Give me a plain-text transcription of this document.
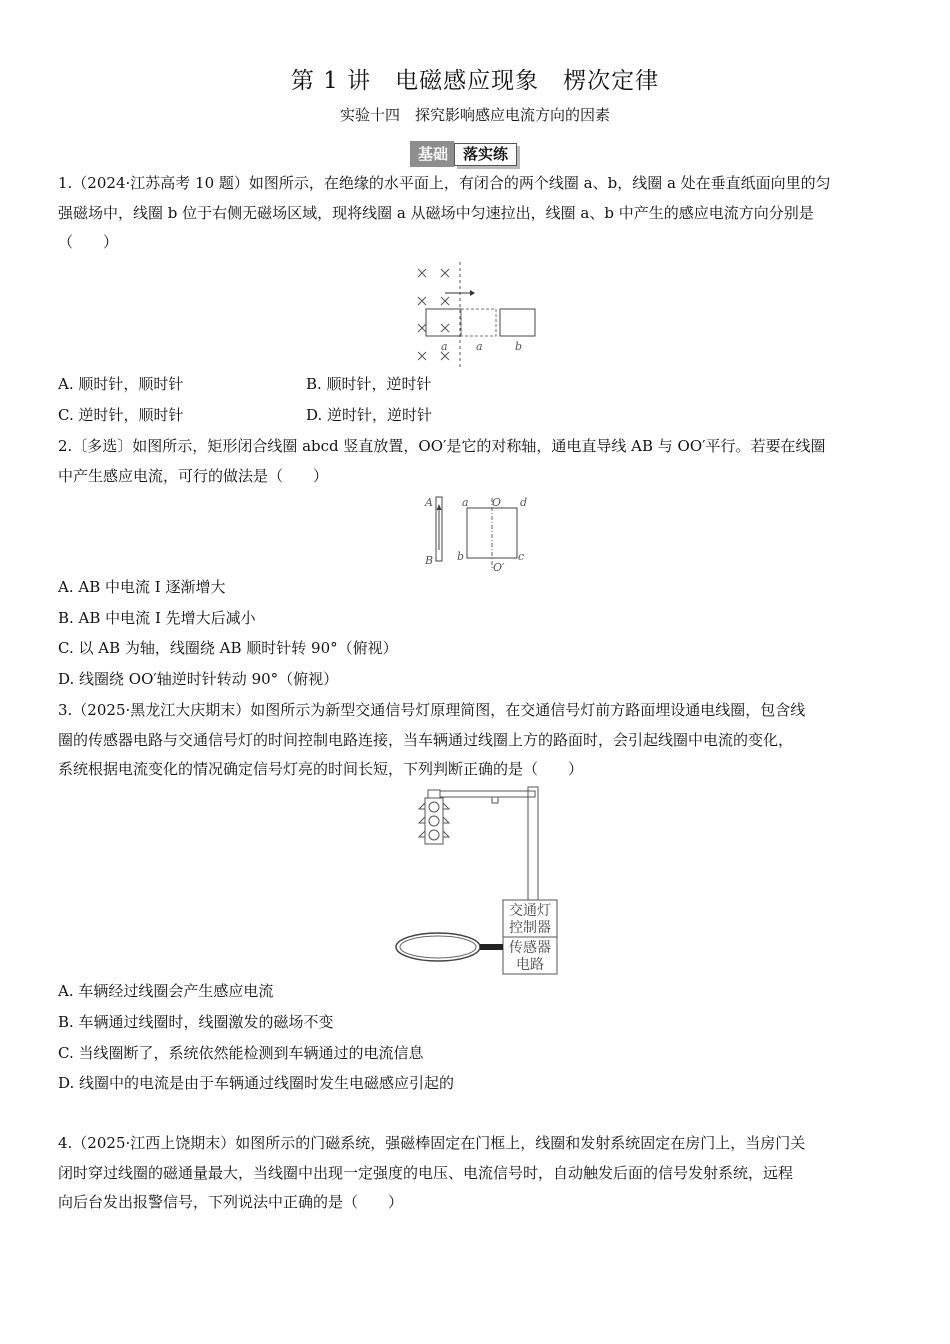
第 1 讲　电磁感应现象　楞次定律
实验十四　探究影响感应电流方向的因素
基础	落实练
1.（2024·江苏高考 10 题）如图所示，在绝缘的水平面上，有闭合的两个线圈 a、b，线圈 a 处在垂直纸面向里的匀
强磁场中，线圈 b 位于右侧无磁场区域，现将线圈 a 从磁场中匀速拉出，线圈 a、b 中产生的感应电流方向分别是
（　　）
a	a	b
A. 顺时针，顺时针	B. 顺时针，逆时针
C. 逆时针，顺时针	D. 逆时针，逆时针
2.〔多选〕如图所示，矩形闭合线圈 abcd 竖直放置，OO′是它的对称轴，通电直导线 AB 与 OO′平行。若要在线圈
中产生感应电流，可行的做法是（　　）
A
B
a O d
b	c
O′
A. AB 中电流 I 逐渐增大
B. AB 中电流 I 先增大后减小
C. 以 AB 为轴，线圈绕 AB 顺时针转 90°（俯视）
D. 线圈绕 OO′轴逆时针转动 90°（俯视）
3.（2025·黑龙江大庆期末）如图所示为新型交通信号灯原理简图，在交通信号灯前方路面埋设通电线圈，包含线
圈的传感器电路与交通信号灯的时间控制电路连接，当车辆通过线圈上方的路面时，会引起线圈中电流的变化，
系统根据电流变化的情况确定信号灯亮的时间长短，下列判断正确的是（　　）
交通灯
控制器
传感器
电路
A. 车辆经过线圈会产生感应电流
B. 车辆通过线圈时，线圈激发的磁场不变
C. 当线圈断了，系统依然能检测到车辆通过的电流信息
D. 线圈中的电流是由于车辆通过线圈时发生电磁感应引起的
4.（2025·江西上饶期末）如图所示的门磁系统，强磁棒固定在门框上，线圈和发射系统固定在房门上，当房门关
闭时穿过线圈的磁通量最大，当线圈中出现一定强度的电压、电流信号时，自动触发后面的信号发射系统，远程
向后台发出报警信号，下列说法中正确的是（　　）
